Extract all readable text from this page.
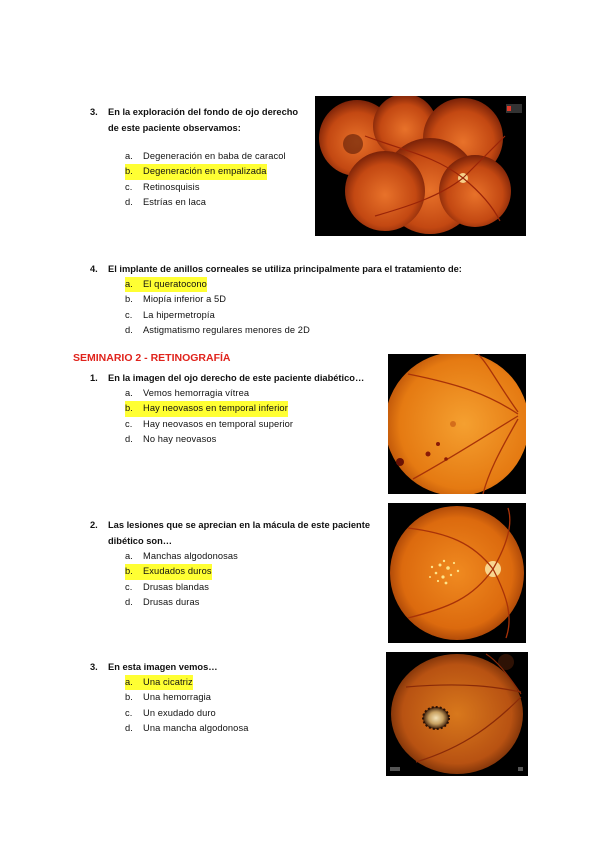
3.	En la exploración del fondo de ojo derecho
de este paciente observamos:
a.	Degeneración en baba de caracol
b.	Degeneración en empalizada
c.	Retinosquisis
d.	Estrías en laca
4.	El implante de anillos corneales se utiliza principalmente para el tratamiento de:
a.	El queratocono
b.	Miopía inferior a 5D
c.	La hipermetropía
d.	Astigmatismo regulares menores de 2D
SEMINARIO 2 - RETINOGRAFÍA
1.	En la imagen del ojo derecho de este paciente diabético…
a.	Vemos hemorragia vítrea
b.	Hay neovasos en temporal inferior
c.	Hay neovasos en temporal superior
d.	No hay neovasos
2.	Las lesiones que se aprecian en la mácula de este paciente
dibético son…
a.	Manchas algodonosas
b.	Exudados duros
c.	Drusas blandas
d.	Drusas duras
3.	En esta imagen vemos…
a.	Una cicatriz
b.	Una hemorragia
c.	Un exudado duro
d.	Una mancha algodonosa
